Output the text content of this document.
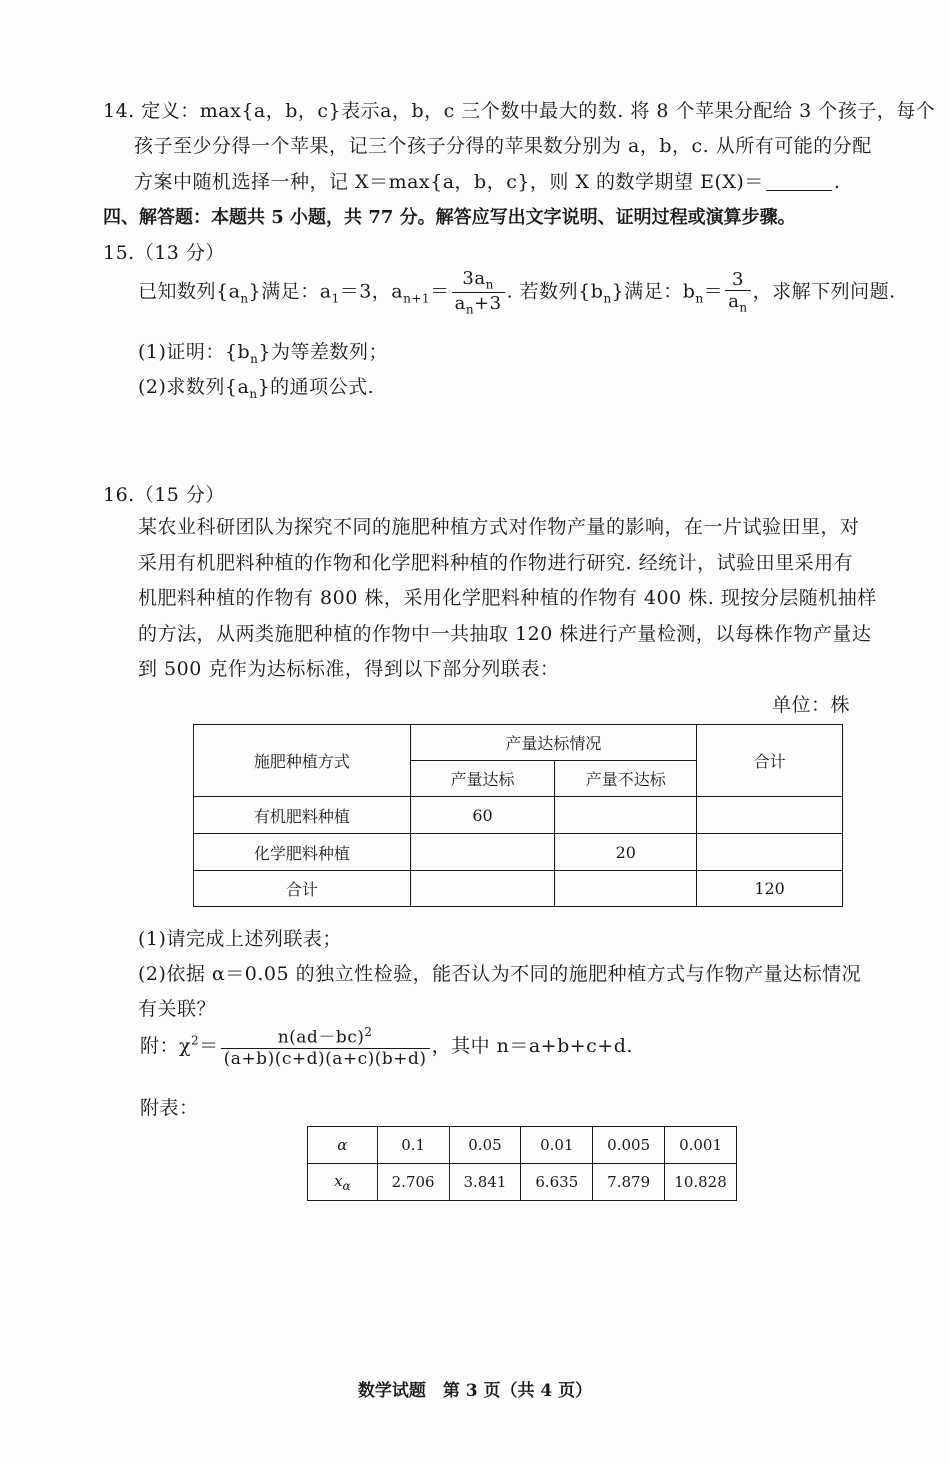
14. 定义：max{a，b，c}表示a，b，c 三个数中最大的数. 将 8 个苹果分配给 3 个孩子，每个
孩子至少分得一个苹果，记三个孩子分得的苹果数分别为 a，b，c. 从所有可能的分配
方案中随机选择一种，记 X＝max{a，b，c}，则 X 的数学期望 E(X)＝	.
四、解答题：本题共 5 小题，共 77 分。解答应写出文字说明、证明过程或演算步骤。
15.（13 分）
已知数列$\{a_n\}$满足：$a_1=3$，$a_{n+1}= \frac{3a_n}{a_n+3}$ . 若数列$\{b_n\}$满足：$b_n= \frac{3}{a_n}$ ，求解下列问题.
(1)证明：$\{b_n\}$为等差数列；
(2)求数列$\{a_n\}$的通项公式.
16.（15 分）
某农业科研团队为探究不同的施肥种植方式对作物产量的影响，在一片试验田里，对
采用有机肥料种植的作物和化学肥料种植的作物进行研究. 经统计，试验田里采用有
机肥料种植的作物有 800 株，采用化学肥料种植的作物有 400 株. 现按分层随机抽样
的方法，从两类施肥种植的作物中一共抽取 120 株进行产量检测，以每株作物产量达
到 500 克作为达标标准，得到以下部分列联表：
单位：株
施肥种植方式	产量达标情况		合计
	产量达标	产量不达标	
有机肥料种植	60		
化学肥料种植		20	
合计			120
(1)请完成上述列联表；
(2)依据 α＝0.05 的独立性检验，能否认为不同的施肥种植方式与作物产量达标情况
有关联？
附：$\chi^2= \frac{n(ad-bc)^2}{(a+b)(c+d)(a+c)(b+d)}$ ，其中 n＝a+b+c+d.
附表：
α	0.1	0.05	0.01	0.005	0.001
$x_\alpha$	2.706	3.841	6.635	7.879	10.828
数学试题　第 3 页（共 4 页）
